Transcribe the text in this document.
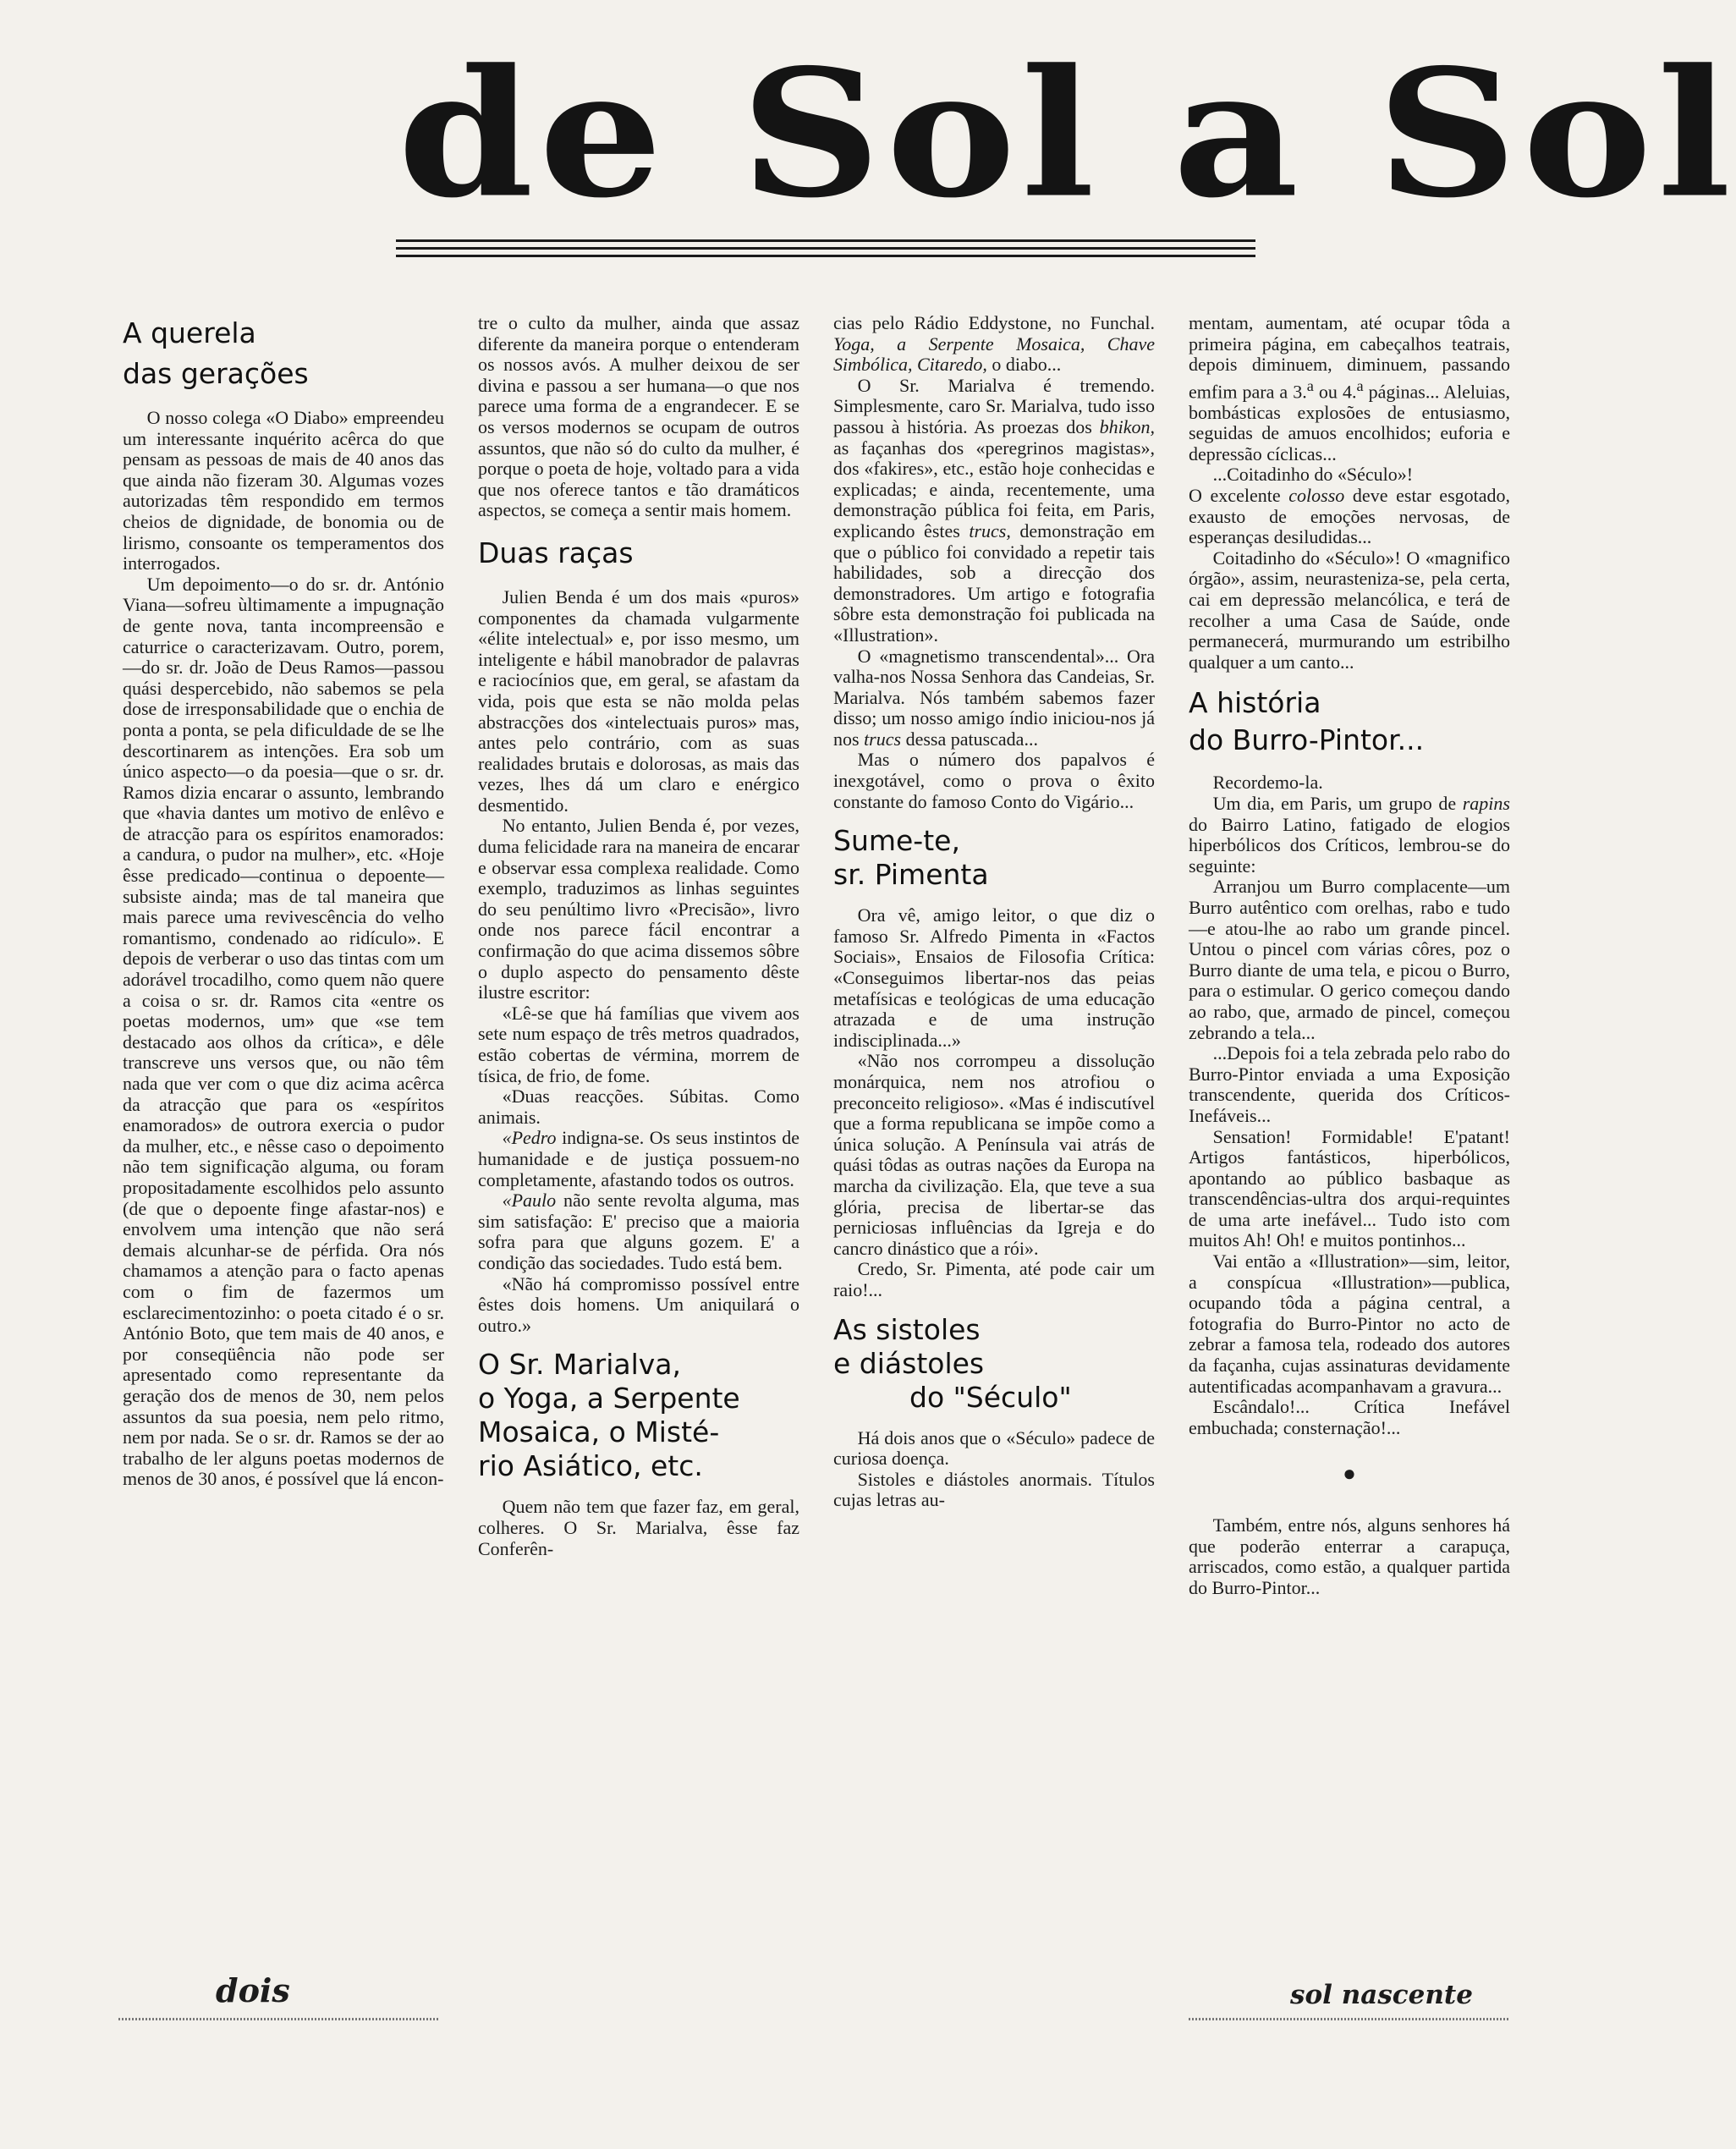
de Sol a Sol
A querela
das gerações

O nosso colega «O Diabo» empreendeu um interessante inquérito acêrca do que pensam as pessoas de mais de 40 anos das que ainda não fizeram 30. Algumas vozes autorizadas têm respondido em termos cheios de dignidade, de bonomia ou de lirismo, consoante os temperamentos dos interrogados.

Um depoimento—o do sr. dr. António Viana—sofreu ùltimamente a impugnação de gente nova, tanta incompreensão e caturrice o caracterizavam. Outro, porem,—do sr. dr. João de Deus Ramos—passou quási despercebido, não sabemos se pela dose de irresponsabilidade que o enchia de ponta a ponta, se pela dificuldade de se lhe descortinarem as intenções. Era sob um único aspecto—o da poesia—que o sr. dr. Ramos dizia encarar o assunto, lembrando que «havia dantes um motivo de enlêvo e de atracção para os espíritos enamorados: a candura, o pudor na mulher», etc. «Hoje êsse predicado—continua o depoente—subsiste ainda; mas de tal maneira que mais parece uma revivescência do velho romantismo, condenado ao ridículo». E depois de verberar o uso das tintas com um adorável trocadilho, como quem não quere a coisa o sr. dr. Ramos cita «entre os poetas modernos, um» que «se tem destacado aos olhos da crítica», e dêle transcreve uns versos que, ou não têm nada que ver com o que diz acima acêrca da atracção que para os «espíritos enamorados» de outrora exercia o pudor da mulher, etc., e nêsse caso o depoimento não tem significação alguma, ou foram propositadamente escolhidos pelo assunto (de que o depoente finge afastar-nos) e envolvem uma intenção que não será demais alcunhar-se de pérfida. Ora nós chamamos a atenção para o facto apenas com o fim de fazermos um esclarecimentozinho: o poeta citado é o sr. António Boto, que tem mais de 40 anos, e por conseqüência não pode ser apresentado como representante da geração dos de menos de 30, nem pelos assuntos da sua poesia, nem pelo ritmo, nem por nada. Se o sr. dr. Ramos se der ao trabalho de ler alguns poetas modernos de menos de 30 anos, é possível que lá encon-

tre o culto da mulher, ainda que assaz diferente da maneira porque o entenderam os nossos avós. A mulher deixou de ser divina e passou a ser humana—o que nos parece uma forma de a engrandecer. E se os versos modernos se ocupam de outros assuntos, que não só do culto da mulher, é porque o poeta de hoje, voltado para a vida que nos oferece tantos e tão dramáticos aspectos, se começa a sentir mais homem.

Duas raças

Julien Benda é um dos mais «puros» componentes da chamada vulgarmente «élite intelectual» e, por isso mesmo, um inteligente e hábil manobrador de palavras e raciocínios que, em geral, se afastam da vida, pois que esta se não molda pelas abstracções dos «intelectuais puros» mas, antes pelo contrário, com as suas realidades brutais e dolorosas, as mais das vezes, lhes dá um claro e enérgico desmentido.

No entanto, Julien Benda é, por vezes, duma felicidade rara na maneira de encarar e observar essa complexa realidade. Como exemplo, traduzimos as linhas seguintes do seu penúltimo livro «Precisão», livro onde nos parece fácil encontrar a confirmação do que acima dissemos sôbre o duplo aspecto do pensamento dêste ilustre escritor:

«Lê-se que há famílias que vivem aos sete num espaço de três metros quadrados, estão cobertas de vérmina, morrem de tísica, de frio, de fome.

«Duas reacções. Súbitas. Como animais.

«Pedro indigna-se. Os seus instintos de humanidade e de justiça possuem-no completamente, afastando todos os outros.

«Paulo não sente revolta alguma, mas sim satisfação: E' preciso que a maioria sofra para que alguns gozem. E' a condição das sociedades. Tudo está bem.

«Não há compromisso possível entre êstes dois homens. Um aniquilará o outro.»

O Sr. Marialva,
o Yoga, a Serpente
Mosaica, o Misté-
rio Asiático, etc.

Quem não tem que fazer faz, em geral, colheres. O Sr. Marialva, êsse faz Conferên-

cias pelo Rádio Eddystone, no Funchal. Yoga, a Serpente Mosaica, Chave Simbólica, Citaredo, o diabo...

O Sr. Marialva é tremendo. Simplesmente, caro Sr. Marialva, tudo isso passou à história. As proezas dos bhikon, as façanhas dos «peregrinos magistas», dos «fakires», etc., estão hoje conhecidas e explicadas; e ainda, recentemente, uma demonstração pública foi feita, em Paris, explicando êstes trucs, demonstração em que o público foi convidado a repetir tais habilidades, sob a direcção dos demonstradores. Um artigo e fotografia sôbre esta demonstração foi publicada na «Illustration».

O «magnetismo transcendental»... Ora valha-nos Nossa Senhora das Candeias, Sr. Marialva. Nós também sabemos fazer disso; um nosso amigo índio iniciou-nos já nos trucs dessa patuscada...

Mas o número dos papalvos é inexgotável, como o prova o êxito constante do famoso Conto do Vigário...

Sume-te,
sr. Pimenta

Ora vê, amigo leitor, o que diz o famoso Sr. Alfredo Pimenta in «Factos Sociais», Ensaios de Filosofia Crítica: «Conseguimos libertar-nos das peias metafísicas e teológicas de uma educação atrazada e de uma instrução indisciplinada...»

«Não nos corrompeu a dissolução monárquica, nem nos atrofiou o preconceito religioso». «Mas é indiscutível que a forma republicana se impõe como a única solução. A Península vai atrás de quási tôdas as outras nações da Europa na marcha da civilização. Ela, que teve a sua glória, precisa de libertar-se das perniciosas influências da Igreja e do cancro dinástico que a rói».

Credo, Sr. Pimenta, até pode cair um raio!...

As sistoles
e diástoles
do "Século"

Há dois anos que o «Século» padece de curiosa doença.

Sistoles e diástoles anormais. Títulos cujas letras au-

mentam, aumentam, até ocupar tôda a primeira página, em cabeçalhos teatrais, depois diminuem, diminuem, passando emfim para a 3.$^a$ ou 4.$^a$ páginas... Aleluias, bombásticas explosões de entusiasmo, seguidas de amuos encolhidos; euforia e depressão cíclicas...

...Coitadinho do «Século»!

O excelente colosso deve estar esgotado, exausto de emoções nervosas, de esperanças desiludidas...

Coitadinho do «Século»! O «magnifico órgão», assim, neurasteniza-se, pela certa, cai em depressão melancólica, e terá de recolher a uma Casa de Saúde, onde permanecerá, murmurando um estribilho qualquer a um canto...

A história
do Burro-Pintor...

Recordemo-la.

Um dia, em Paris, um grupo de rapins do Bairro Latino, fatigado de elogios hiperbólicos dos Críticos, lembrou-se do seguinte:

Arranjou um Burro complacente—um Burro autêntico com orelhas, rabo e tudo—e atou-lhe ao rabo um grande pincel. Untou o pincel com várias côres, poz o Burro diante de uma tela, e picou o Burro, para o estimular. O gerico começou dando ao rabo, que, armado de pincel, começou zebrando a tela...

...Depois foi a tela zebrada pelo rabo do Burro-Pintor enviada a uma Exposição transcendente, querida dos Críticos-Inefáveis...

Sensation! Formidable! E'patant! Artigos fantásticos, hiperbólicos, apontando ao público basbaque as transcendências-ultra dos arqui-requintes de uma arte inefável... Tudo isto com muitos Ah! Oh! e muitos pontinhos...

Vai então a «Illustration»—sim, leitor, a conspícua «Illustration»—publica, ocupando tôda a página central, a fotografia do Burro-Pintor no acto de zebrar a famosa tela, rodeado dos autores da façanha, cujas assinaturas devidamente autentificadas acompanhavam a gravura...

Escândalo!... Crítica Inefável embuchada; consternação!...

●

Também, entre nós, alguns senhores há que poderão enterrar a carapuça, arriscados, como estão, a qualquer partida do Burro-Pintor...

dois	sol nascente
